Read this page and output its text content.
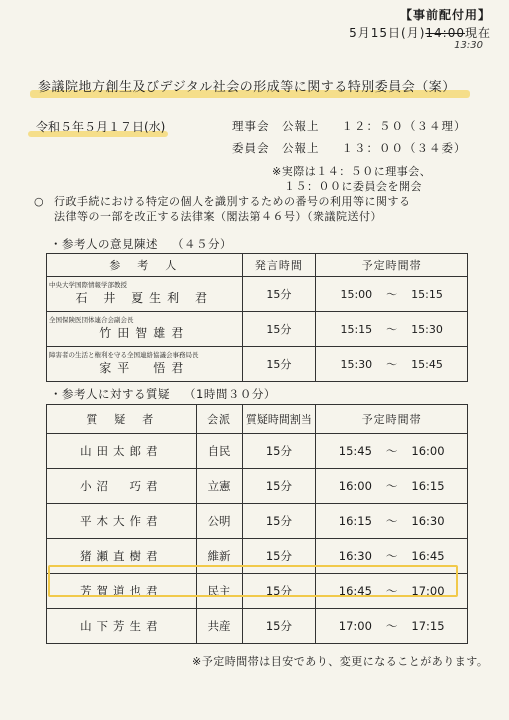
【事前配付用】
5月15日(月)14:00現在
13:30
参議院地方創生及びデジタル社会の形成等に関する特別委員会（案）
令和５年５月１７日(水)	理事会　公報上 １２：５０（３４理）
委員会　公報上 １３：００（３４委）
※実際は１４：５０に理事会、
１５：００に委員会を開会
○ 行政手続における特定の個人を識別するための番号の利用等に関する
法律等の一部を改正する法律案（閣法第４６号）（衆議院送付）
・参考人の意見陳述 （４５分）
参　考　人	発言時間	予定時間帯

中央大学国際情報学部教授
石 井 夏生利 君	15分	15:00 〜 15:15

全国保険医団体連合会副会長
竹田智雄君	15分	15:15 〜 15:30

障害者の生活と権利を守る全国連絡協議会事務局長
家平　悟君	15分	15:30 〜 15:45
・参考人に対する質疑 （1時間３０分）
質　疑　者	会派	質疑時間割当	予定時間帯
山田太郎君	自民	15分	15:45 〜 16:00
小沼　巧君	立憲	15分	16:00 〜 16:15
平木大作君	公明	15分	16:15 〜 16:30
猪瀬直樹君	維新	15分	16:30 〜 16:45
芳賀道也君	民主	15分	16:45 〜 17:00
山下芳生君	共産	15分	17:00 〜 17:15
※予定時間帯は目安であり、変更になることがあります。
